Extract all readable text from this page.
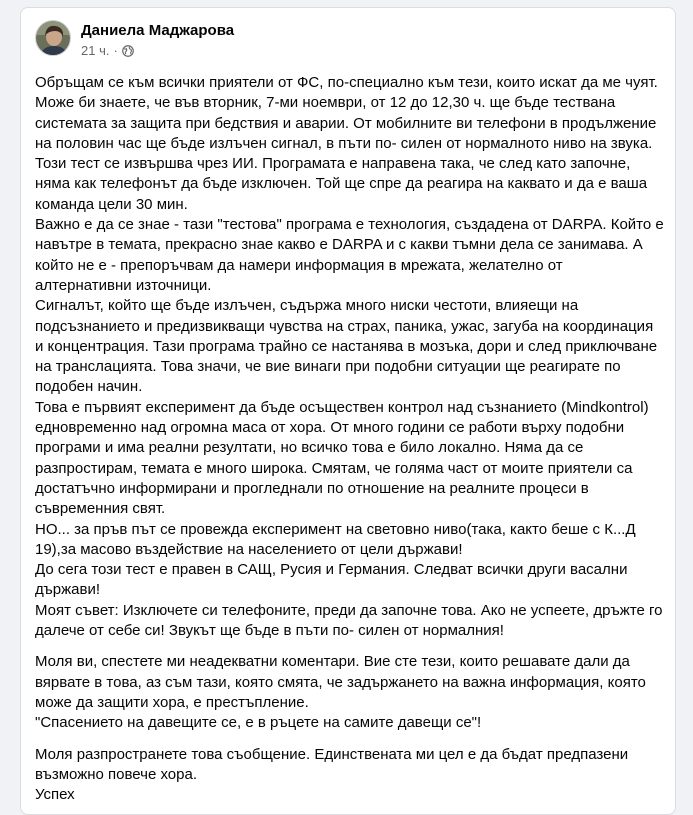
Даниела Маджарова
21 ч. ·
Обръщам се към всички приятели от ФС, по-специално към тези, които искат да ме чуят.
Може би знаете, че във вторник, 7-ми ноември, от 12 до 12,30 ч. ще бъде тествана
системата за защита при бедствия и аварии. От мобилните ви телефони в продължение
на половин час ще бъде излъчен сигнал, в пъти по- силен от нормалното ниво на звука.
Този тест се извършва чрез ИИ. Програмата е направена така, че след като започне,
няма как телефонът да бъде изключен. Той ще спре да реагира на каквато и да е ваша
команда цели 30 мин.
Важно е да се знае - тази "тестова" програма е технология, създадена от DARPA. Който е
навътре в темата, прекрасно знае какво е DARPA и с какви тъмни дела се занимава. А
който не е - препоръчвам да намери информация в мрежата, желателно от
алтернативни източници.
Сигналът, който ще бъде излъчен, съдържа много ниски честоти, влияещи на
подсъзнанието и предизвикващи чувства на страх, паника, ужас, загуба на координация
и концентрация. Тази програма трайно се настанява в мозъка, дори и след приключване
на транслацията. Това значи, че вие винаги при подобни ситуации ще реагирате по
подобен начин.
Това е първият експеримент да бъде осъществен контрол над съзнанието (Mindkontrol)
едновременно над огромна маса от хора. От много години се работи върху подобни
програми и има реални резултати, но всичко това е било локално. Няма да се
разпростирам, темата е много широка. Смятам, че голяма част от моите приятели са
достатъчно информирани и прогледнали по отношение на реалните процеси в
съвременния свят.
НО... за пръв път се провежда експеримент на световно ниво(така, както беше с К...Д
19),за масово въздействие на населението от цели държави!
До сега този тест е правен в САЩ, Русия и Германия. Следват всички други васални
държави!
Моят съвет: Изключете си телефоните, преди да започне това. Ако не успеете, дръжте го
далече от себе си! Звукът ще бъде в пъти по- силен от нормалния!
Моля ви, спестете ми неадекватни коментари. Вие сте тези, които решавате дали да
вярвате в това, аз съм тази, която смята, че задържането на важна информация, която
може да защити хора, е престъпление.
"Спасението на давещите се, е в ръцете на самите давещи се"!
Моля разпространете това съобщение. Единствената ми цел е да бъдат предпазени
възможно повече хора.
Успех
